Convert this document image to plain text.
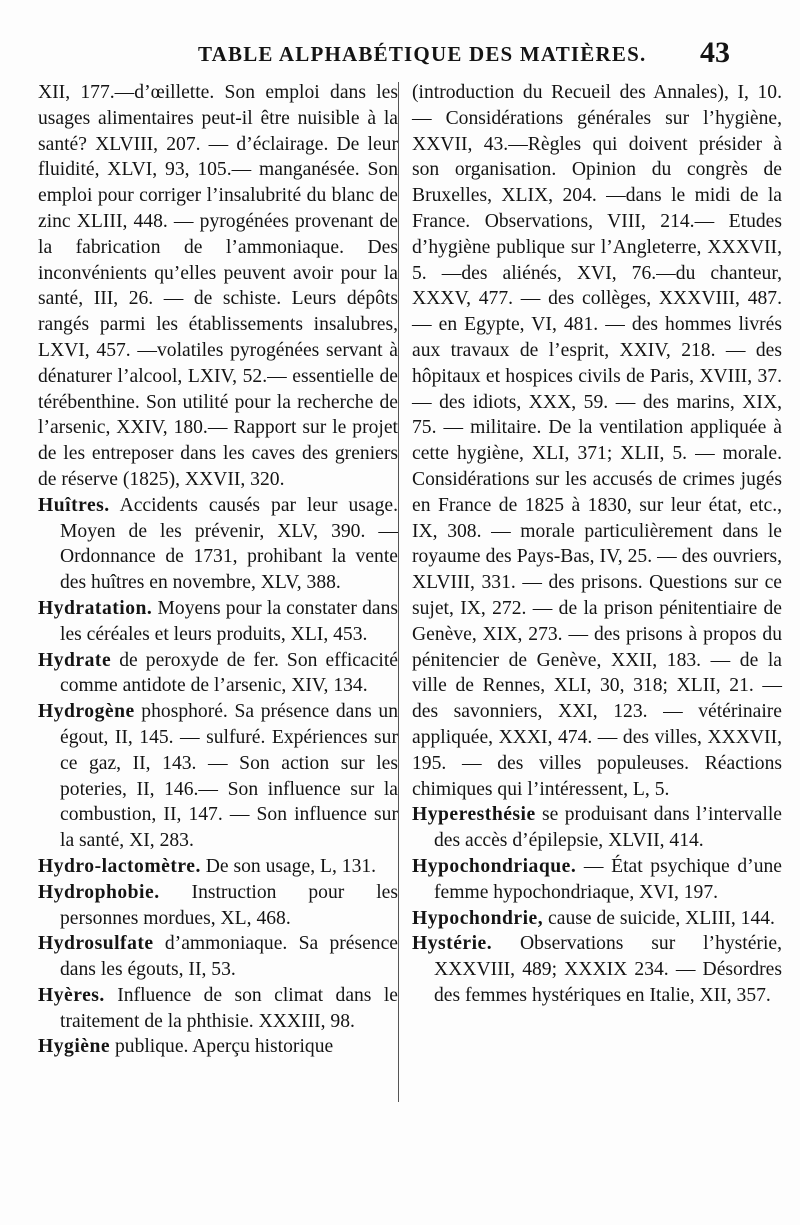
TABLE ALPHABÉTIQUE DES MATIÈRES. 43

XII, 177.—d’œillette. Son emploi dans les usages alimentaires peut-il être nuisible à la santé? XLVIII, 207. — d’éclairage. De leur fluidité, XLVI, 93, 105.— manganésée. Son emploi pour corriger l’insalubrité du blanc de zinc XLIII, 448. — pyrogénées provenant de la fabrication de l’ammoniaque. Des inconvénients qu’elles peuvent avoir pour la santé, III, 26. — de schiste. Leurs dépôts rangés parmi les établissements insalubres, LXVI, 457. —volatiles pyrogénées servant à dénaturer l’alcool, LXIV, 52.— essentielle de térébenthine. Son utilité pour la recherche de l’arsenic, XXIV, 180.— Rapport sur le projet de les entreposer dans les caves des greniers de réserve (1825), XXVII, 320.

Huîtres. Accidents causés par leur usage. Moyen de les prévenir, XLV, 390. — Ordonnance de 1731, prohibant la vente des huîtres en novembre, XLV, 388.

Hydratation. Moyens pour la constater dans les céréales et leurs produits, XLI, 453.

Hydrate de peroxyde de fer. Son efficacité comme antidote de l’arsenic, XIV, 134.

Hydrogène phosphoré. Sa présence dans un égout, II, 145. — sulfuré. Expériences sur ce gaz, II, 143. — Son action sur les poteries, II, 146.— Son influence sur la combustion, II, 147. — Son influence sur la santé, XI, 283.

Hydro-lactomètre. De son usage, L, 131.

Hydrophobie. Instruction pour les personnes mordues, XL, 468.

Hydrosulfate d’ammoniaque. Sa présence dans les égouts, II, 53.

Hyères. Influence de son climat dans le traitement de la phthisie. XXXIII, 98.

Hygiène publique. Aperçu historique

(introduction du Recueil des Annales), I, 10. — Considérations générales sur l’hygiène, XXVII, 43.—Règles qui doivent présider à son organisation. Opinion du congrès de Bruxelles, XLIX, 204. —dans le midi de la France. Observations, VIII, 214.— Etudes d’hygiène publique sur l’Angleterre, XXXVII, 5. —des aliénés, XVI, 76.—du chanteur, XXXV, 477. — des collèges, XXXVIII, 487. — en Egypte, VI, 481. — des hommes livrés aux travaux de l’esprit, XXIV, 218. — des hôpitaux et hospices civils de Paris, XVIII, 37. — des idiots, XXX, 59. — des marins, XIX, 75. — militaire. De la ventilation appliquée à cette hygiène, XLI, 371; XLII, 5. — morale. Considérations sur les accusés de crimes jugés en France de 1825 à 1830, sur leur état, etc., IX, 308. — morale particulièrement dans le royaume des Pays-Bas, IV, 25. — des ouvriers, XLVIII, 331. — des prisons. Questions sur ce sujet, IX, 272. — de la prison pénitentiaire de Genève, XIX, 273. — des prisons à propos du pénitencier de Genève, XXII, 183. — de la ville de Rennes, XLI, 30, 318; XLII, 21. — des savonniers, XXI, 123. — vétérinaire appliquée, XXXI, 474. — des villes, XXXVII, 195. — des villes populeuses. Réactions chimiques qui l’intéressent, L, 5.

Hyperesthésie se produisant dans l’intervalle des accès d’épilepsie, XLVII, 414.

Hypochondriaque. — État psychique d’une femme hypochondriaque, XVI, 197.

Hypochondrie, cause de suicide, XLIII, 144.

Hystérie. Observations sur l’hystérie, XXXVIII, 489; XXXIX 234. — Désordres des femmes hystériques en Italie, XII, 357.
